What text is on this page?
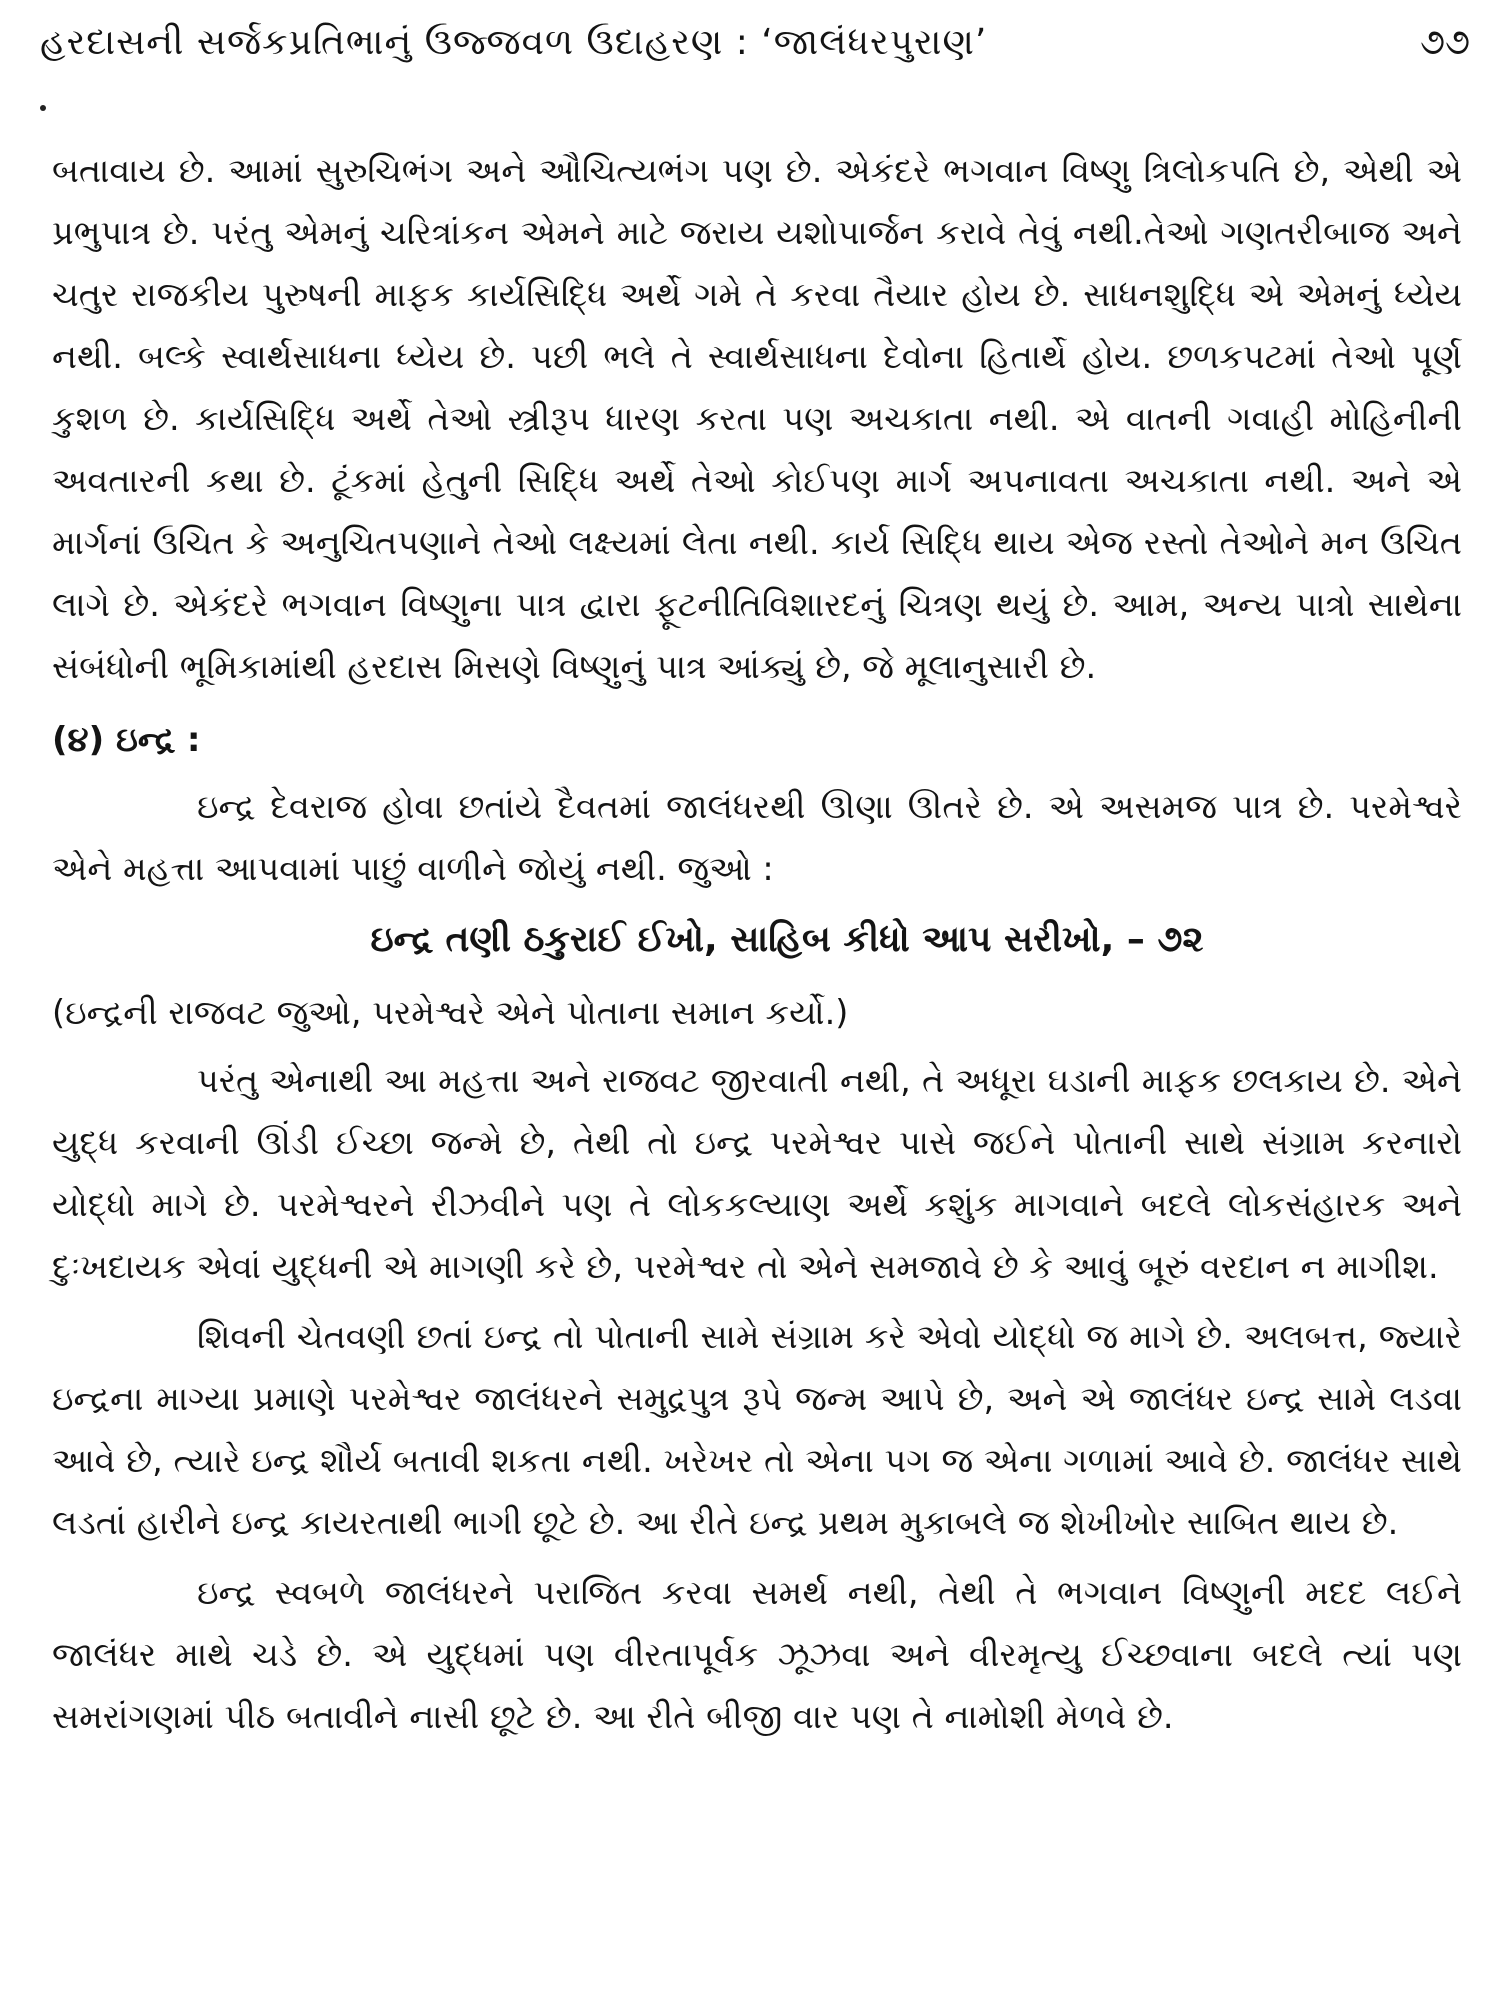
હરદાસની સર્જકપ્રતિભાનું ઉજ્જવળ ઉદાહરણ : ‘જાલંધરપુરાણ’	૭૭

બતાવાય છે. આમાં સુરુચિભંગ અને ઔચિત્યભંગ પણ છે. એકંદરે ભગવાન વિષ્ણુ ત્રિલોકપતિ છે, એથી એ પ્રભુપાત્ર છે. પરંતુ એમનું ચરિત્રાંકન એમને માટે જરાય યશોપાર્જન કરાવે તેવું નથી.તેઓ ગણતરીબાજ અને ચતુર રાજકીય પુરુષની માફક કાર્યસિદ્ધિ અર્થે ગમે તે કરવા તૈયાર હોય છે. સાધનશુદ્ધિ એ એમનું ધ્યેય નથી. બલ્કે સ્વાર્થસાધના ધ્યેય છે. પછી ભલે તે સ્વાર્થસાધના દેવોના હિતાર્થે હોય. છળકપટમાં તેઓ પૂર્ણ કુશળ છે. કાર્યસિદ્ધિ અર્થે તેઓ સ્ત્રીરૂપ ધારણ કરતા પણ અચકાતા નથી. એ વાતની ગવાહી મોહિનીની અવતારની કથા છે. ટૂંકમાં હેતુની સિદ્ધિ અર્થે તેઓ કોઈપણ માર્ગ અપનાવતા અચકાતા નથી. અને એ માર્ગનાં ઉચિત કે અનુચિતપણાને તેઓ લક્ષ્યમાં લેતા નથી. કાર્ય સિદ્ધિ થાય એજ રસ્તો તેઓને મન ઉચિત લાગે છે. એકંદરે ભગવાન વિષ્ણુના પાત્ર દ્વારા ફૂટનીતિવિશારદનું ચિત્રણ થયું છે. આમ, અન્ય પાત્રો સાથેના સંબંધોની ભૂમિકામાંથી હરદાસ મિસણે વિષ્ણુનું પાત્ર આંક્યું છે, જે મૂલાનુસારી છે.

(૪) ઇન્દ્ર :

ઇન્દ્ર દેવરાજ હોવા છતાંયે દૈવતમાં જાલંધરથી ઊણા ઊતરે છે. એ અસમજ પાત્ર છે. પરમેશ્વરે એને મહત્તા આપવામાં પાછું વાળીને જોયું નથી. જુઓ :

ઇન્દ્ર તણી ઠકુરાઈ ઈખો, સાહિબ કીધો આપ સરીખો, – ૭૨
(ઇન્દ્રની રાજવટ જુઓ, પરમેશ્વરે એને પોતાના સમાન કર્યો.)

પરંતુ એનાથી આ મહત્તા અને રાજવટ જીરવાતી નથી, તે અધૂરા ઘડાની માફક છલકાય છે. એને યુદ્ધ કરવાની ઊંડી ઈચ્છા જન્મે છે, તેથી તો ઇન્દ્ર પરમેશ્વર પાસે જઈને પોતાની સાથે સંગ્રામ કરનારો યોદ્ધો માગે છે. પરમેશ્વરને રીઝવીને પણ તે લોકકલ્યાણ અર્થે કશુંક માગવાને બદલે લોકસંહારક અને દુઃખદાયક એવાં યુદ્ધની એ માગણી કરે છે, પરમેશ્વર તો એને સમજાવે છે કે આવું બૂરું વરદાન ન માગીશ.

શિવની ચેતવણી છતાં ઇન્દ્ર તો પોતાની સામે સંગ્રામ કરે એવો યોદ્ધો જ માગે છે. અલબત્ત, જ્યારે ઇન્દ્રના માગ્યા પ્રમાણે પરમેશ્વર જાલંધરને સમુદ્રપુત્ર રૂપે જન્મ આપે છે, અને એ જાલંધર ઇન્દ્ર સામે લડવા આવે છે, ત્યારે ઇન્દ્ર શૌર્ય બતાવી શકતા નથી. ખરેખર તો એના પગ જ એના ગળામાં આવે છે. જાલંધર સાથે લડતાં હારીને ઇન્દ્ર કાયરતાથી ભાગી છૂટે છે. આ રીતે ઇન્દ્ર પ્રથમ મુકાબલે જ શેખીખોર સાબિત થાય છે.

ઇન્દ્ર સ્વબળે જાલંધરને પરાજિત કરવા સમર્થ નથી, તેથી તે ભગવાન વિષ્ણુની મદદ લઈને જાલંધર માથે ચડે છે. એ યુદ્ધમાં પણ વીરતાપૂર્વક ઝૂઝવા અને વીરમૃત્યુ ઈચ્છવાના બદલે ત્યાં પણ સમરાંગણમાં પીઠ બતાવીને નાસી છૂટે છે. આ રીતે બીજી વાર પણ તે નામોશી મેળવે છે.
